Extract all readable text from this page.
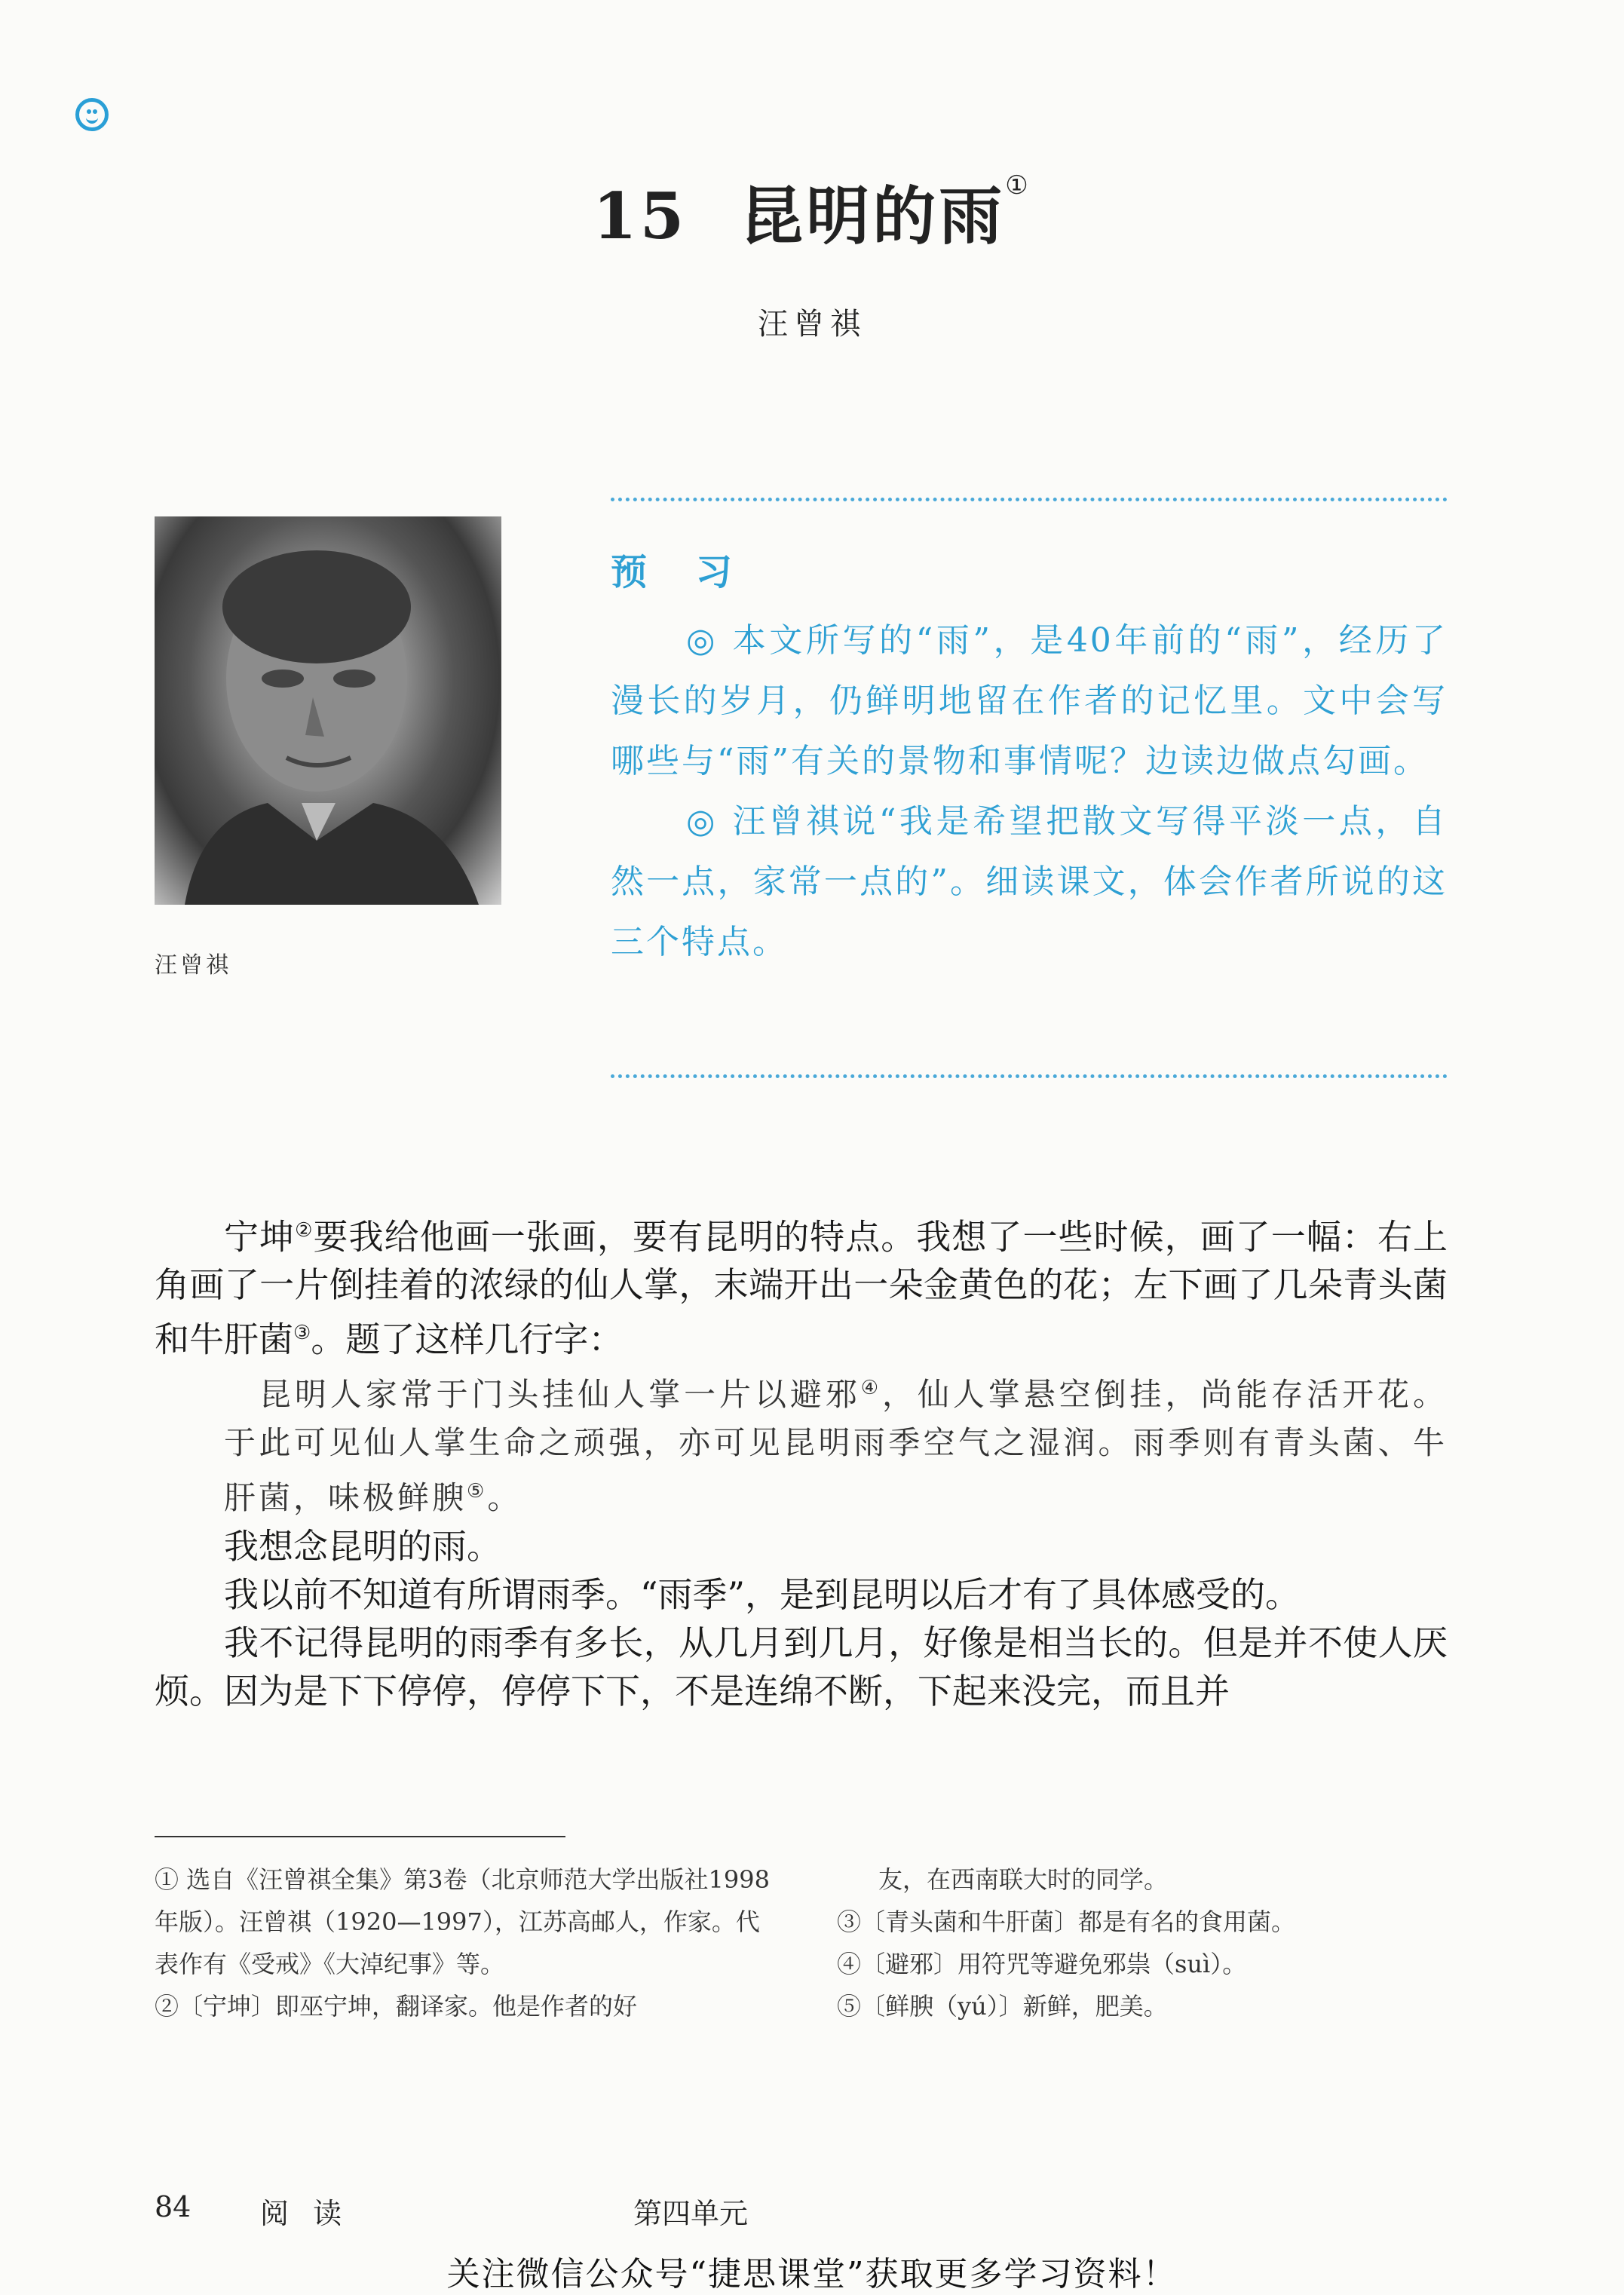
15 昆明的雨①
汪曾祺
汪曾祺
预 习

◎ 本文所写的“雨”，是40年前的“雨”，经历了漫长的岁月，仍鲜明地留在作者的记忆里。文中会写哪些与“雨”有关的景物和事情呢？边读边做点勾画。

◎ 汪曾祺说“我是希望把散文写得平淡一点，自然一点，家常一点的”。细读课文，体会作者所说的这三个特点。

宁坤②要我给他画一张画，要有昆明的特点。我想了一些时候，画了一幅：右上角画了一片倒挂着的浓绿的仙人掌，末端开出一朵金黄色的花；左下画了几朵青头菌和牛肝菌③。题了这样几行字：

昆明人家常于门头挂仙人掌一片以避邪④，仙人掌悬空倒挂，尚能存活开花。于此可见仙人掌生命之顽强，亦可见昆明雨季空气之湿润。雨季则有青头菌、牛肝菌，味极鲜腴⑤。

我想念昆明的雨。

我以前不知道有所谓雨季。“雨季”，是到昆明以后才有了具体感受的。

我不记得昆明的雨季有多长，从几月到几月，好像是相当长的。但是并不使人厌烦。因为是下下停停，停停下下，不是连绵不断，下起来没完，而且并

① 选自《汪曾祺全集》第3卷（北京师范大学出版社1998年版）。汪曾祺（1920—1997），江苏高邮人，作家。代表作有《受戒》《大淖纪事》等。

②〔宁坤〕即巫宁坤，翻译家。他是作者的好

友，在西南联大时的同学。

③〔青头菌和牛肝菌〕都是有名的食用菌。

④〔避邪〕用符咒等避免邪祟（suì）。

⑤〔鲜腴（yú）〕新鲜，肥美。

84 阅 读	第四单元
关注微信公众号“捷思课堂”获取更多学习资料！
